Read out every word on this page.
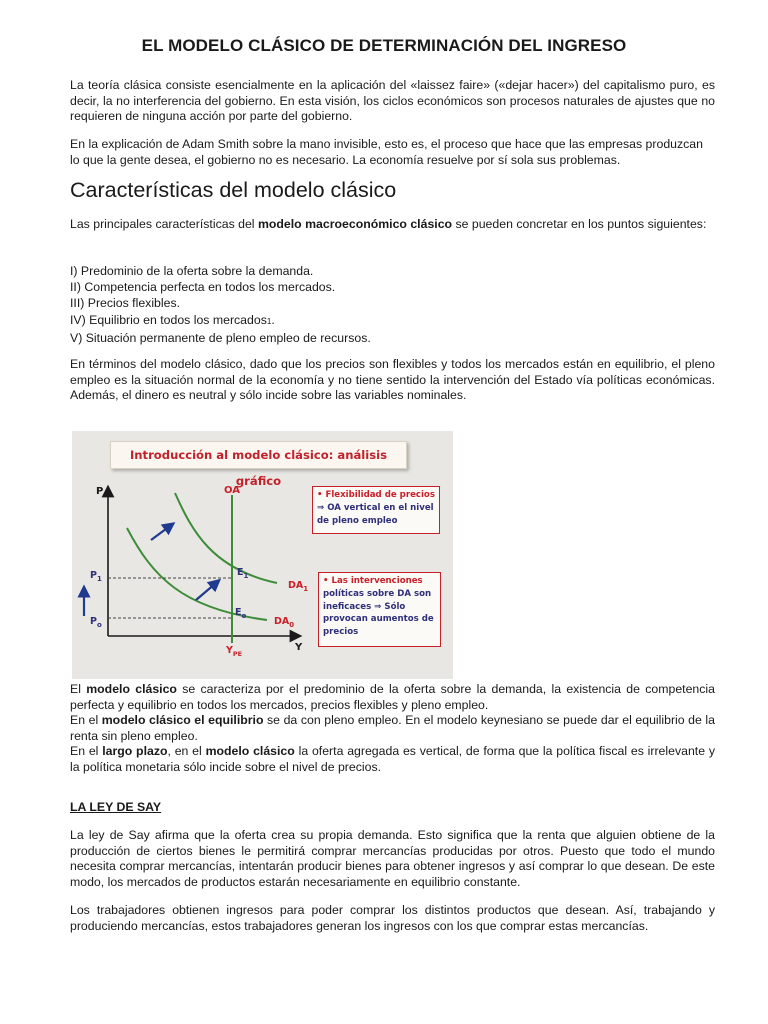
EL MODELO CLÁSICO DE DETERMINACIÓN DEL INGRESO
La teoría clásica consiste esencialmente en la aplicación del «laissez faire» («dejar hacer») del capitalismo puro, es decir, la no interferencia del gobierno. En esta visión, los ciclos económicos son procesos naturales de ajustes que no requieren de ninguna acción por parte del gobierno.
En la explicación de Adam Smith sobre la mano invisible, esto es, el proceso que hace que las empresas produzcan lo que la gente desea, el gobierno no es necesario. La economía resuelve por sí sola sus problemas.
Características del modelo clásico
Las principales características del modelo macroeconómico clásico se pueden concretar en los puntos siguientes:
I) Predominio de la oferta sobre la demanda.
II) Competencia perfecta en todos los mercados.
III) Precios flexibles.
IV) Equilibrio en todos los mercados1.
V) Situación permanente de pleno empleo de recursos.
En términos del modelo clásico, dado que los precios son flexibles y todos los mercados están en equilibrio, el pleno empleo es la situación normal de la economía y no tiene sentido la intervención del Estado vía políticas económicas. Además, el dinero es neutral y sólo incide sobre las variables nominales.
Introducción al modelo clásico: análisis gráfico
P
Y
OA
$DA_1$
$DA_0$
$E_1$
$E_o$
$P_1$
$P_o$
$Y_{PE}$
• Flexibilidad de precios
⇒ OA vertical en el nivel
de pleno empleo
• Las intervenciones
políticas sobre DA son
ineficaces ⇒ Sólo
provocan aumentos de
precios
El modelo clásico se caracteriza por el predominio de la oferta sobre la demanda, la existencia de competencia perfecta y equilibrio en todos los mercados, precios flexibles y pleno empleo.
En el modelo clásico el equilibrio se da con pleno empleo. En el modelo keynesiano se puede dar el equilibrio de la renta sin pleno empleo.
En el largo plazo, en el modelo clásico la oferta agregada es vertical, de forma que la política fiscal es irrelevante y la política monetaria sólo incide sobre el nivel de precios.
LA LEY DE SAY
La ley de Say afirma que la oferta crea su propia demanda. Esto significa que la renta que alguien obtiene de la producción de ciertos bienes le permitirá comprar mercancías producidas por otros. Puesto que todo el mundo necesita comprar mercancías, intentarán producir bienes para obtener ingresos y así comprar lo que desean. De este modo, los mercados de productos estarán necesariamente en equilibrio constante.
Los trabajadores obtienen ingresos para poder comprar los distintos productos que desean. Así, trabajando y produciendo mercancías, estos trabajadores generan los ingresos con los que comprar estas mercancías.
